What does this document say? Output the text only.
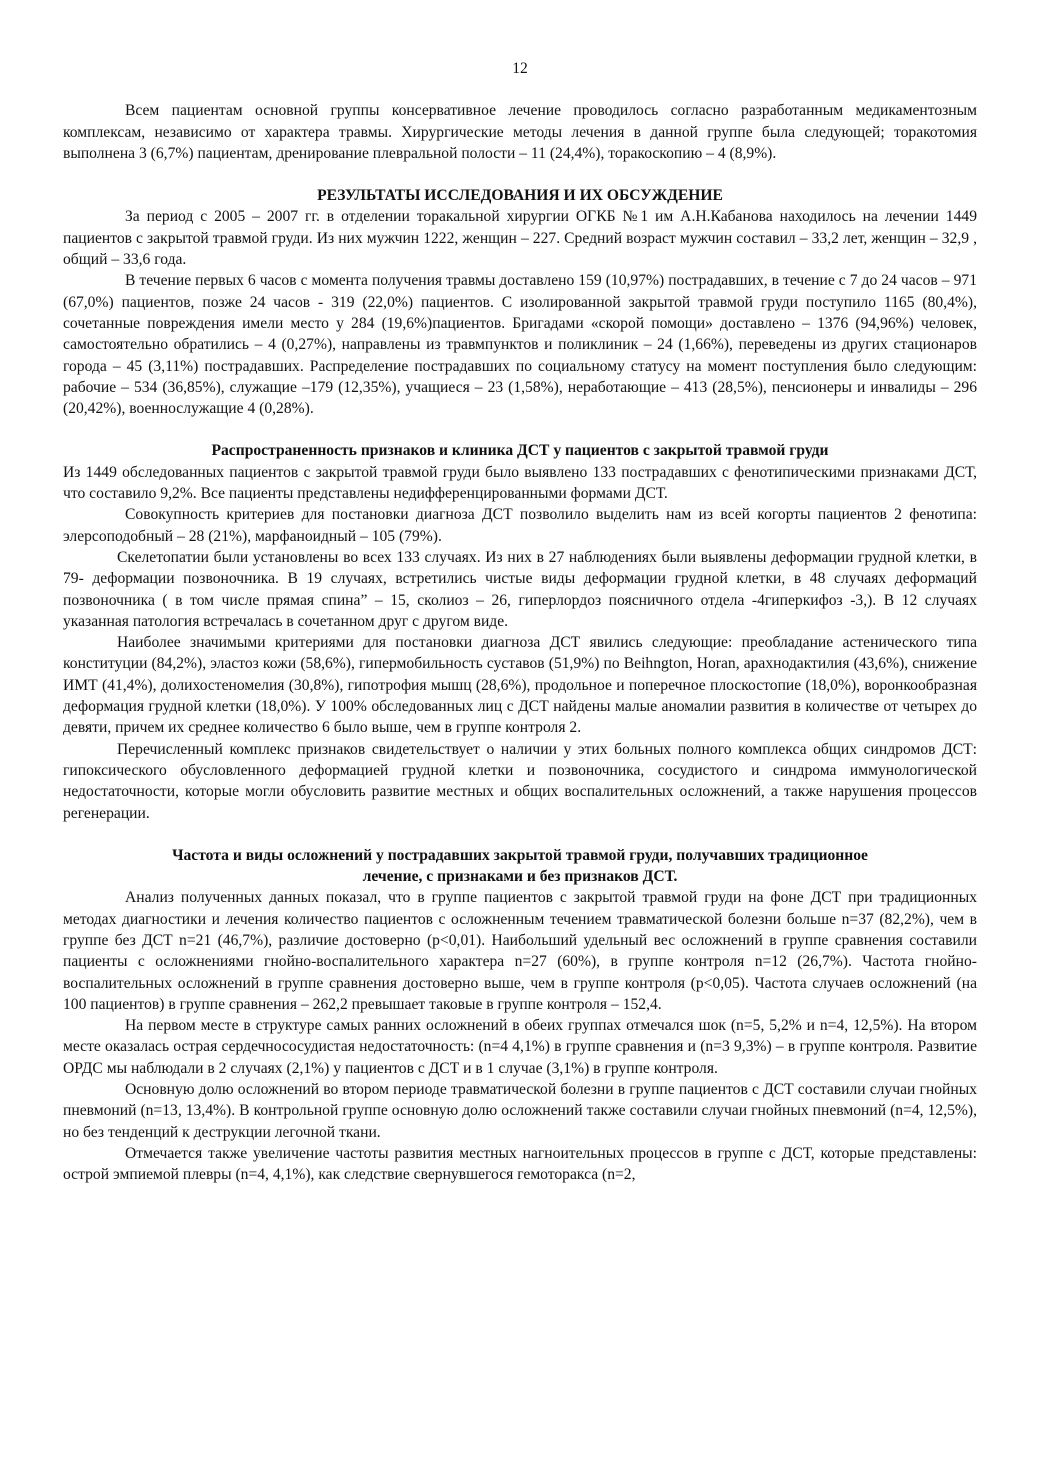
12

Всем пациентам основной группы консервативное лечение проводилось согласно разработанным медикаментозным комплексам, независимо от характера травмы. Хирургические методы лечения в данной группе была следующей; торакотомия выполнена 3 (6,7%) пациентам, дренирование плевральной полости – 11 (24,4%), торакоскопию – 4 (8,9%).

РЕЗУЛЬТАТЫ ИССЛЕДОВАНИЯ И ИХ ОБСУЖДЕНИЕ

За период с 2005 – 2007 гг. в отделении торакальной хирургии ОГКБ №1 им А.Н.Кабанова находилось на лечении 1449 пациентов с закрытой травмой груди. Из них мужчин 1222, женщин – 227. Средний возраст мужчин составил – 33,2 лет, женщин – 32,9 , общий – 33,6 года.

В течение первых 6 часов с момента получения травмы доставлено 159 (10,97%) пострадавших, в течение с 7 до 24 часов – 971 (67,0%) пациентов, позже 24 часов - 319 (22,0%) пациентов. С изолированной закрытой травмой груди поступило 1165 (80,4%), сочетанные повреждения имели место у 284 (19,6%)пациентов. Бригадами «скорой помощи» доставлено – 1376 (94,96%) человек, самостоятельно обратились – 4 (0,27%), направлены из травмпунктов и поликлиник – 24 (1,66%), переведены из других стационаров города – 45 (3,11%) пострадавших. Распределение пострадавших по социальному статусу на момент поступления было следующим: рабочие – 534 (36,85%), служащие –179 (12,35%), учащиеся – 23 (1,58%), неработающие – 413 (28,5%), пенсионеры и инвалиды – 296 (20,42%), военнослужащие 4 (0,28%).

Распространенность признаков и клиника ДСТ у пациентов с закрытой травмой груди

Из 1449 обследованных пациентов с закрытой травмой груди было выявлено 133 пострадавших с фенотипическими признаками ДСТ, что составило 9,2%. Все пациенты представлены недифференцированными формами ДСТ.

Совокупность критериев для постановки диагноза ДСТ позволило выделить нам из всей когорты пациентов 2 фенотипа: элерсоподобный – 28 (21%), марфаноидный – 105 (79%).

Скелетопатии были установлены во всех 133 случаях. Из них в 27 наблюдениях были выявлены деформации грудной клетки, в 79- деформации позвоночника. В 19 случаях, встретились чистые виды деформации грудной клетки, в 48 случаях деформаций позвоночника ( в том числе прямая спина” – 15, сколиоз – 26, гиперлордоз поясничного отдела -4гиперкифоз -3,). В 12 случаях указанная патология встречалась в сочетанном друг с другом виде.

Наиболее значимыми критериями для постановки диагноза ДСТ явились следующие: преобладание астенического типа конституции (84,2%), эластоз кожи (58,6%), гипермобильность суставов (51,9%) по Beihngton, Horan, арахнодактилия (43,6%), снижение ИМТ (41,4%), долихостеномелия (30,8%), гипотрофия мышц (28,6%), продольное и поперечное плоскостопие (18,0%), воронкообразная деформация грудной клетки (18,0%). У 100% обследованных лиц с ДСТ найдены малые аномалии развития в количестве от четырех до девяти, причем их среднее количество 6 было выше, чем в группе контроля 2.

Перечисленный комплекс признаков свидетельствует о наличии у этих больных полного комплекса общих синдромов ДСТ: гипоксического обусловленного деформацией грудной клетки и позвоночника, сосудистого и синдрома иммунологической недостаточности, которые могли обусловить развитие местных и общих воспалительных осложнений, а также нарушения процессов регенерации.

Частота и виды осложнений у пострадавших закрытой травмой груди, получавших традиционное
лечение, с признаками и без признаков ДСТ.

Анализ полученных данных показал, что в группе пациентов с закрытой травмой груди на фоне ДСТ при традиционных методах диагностики и лечения количество пациентов с осложненным течением травматической болезни больше n=37 (82,2%), чем в группе без ДСТ n=21 (46,7%), различие достоверно (p<0,01). Наибольший удельный вес осложнений в группе сравнения составили пациенты с осложнениями гнойно-воспалительного характера n=27 (60%), в группе контроля n=12 (26,7%). Частота гнойно-воспалительных осложнений в группе сравнения достоверно выше, чем в группе контроля (p<0,05). Частота случаев осложнений (на 100 пациентов) в группе сравнения – 262,2 превышает таковые в группе контроля – 152,4.

На первом месте в структуре самых ранних осложнений в обеих группах отмечался шок (n=5, 5,2% и n=4, 12,5%). На втором месте оказалась острая сердечнососудистая недостаточность: (n=4 4,1%) в группе сравнения и (n=3 9,3%) – в группе контроля. Развитие ОРДС мы наблюдали в 2 случаях (2,1%) у пациентов с ДСТ и в 1 случае (3,1%) в группе контроля.

Основную долю осложнений во втором периоде травматической болезни в группе пациентов с ДСТ составили случаи гнойных пневмоний (n=13, 13,4%). В контрольной группе основную долю осложнений также составили случаи гнойных пневмоний (n=4, 12,5%), но без тенденций к деструкции легочной ткани.

Отмечается также увеличение частоты развития местных нагноительных процессов в группе с ДСТ, которые представлены: острой эмпиемой плевры (n=4, 4,1%), как следствие свернувшегося гемоторакса (n=2,
